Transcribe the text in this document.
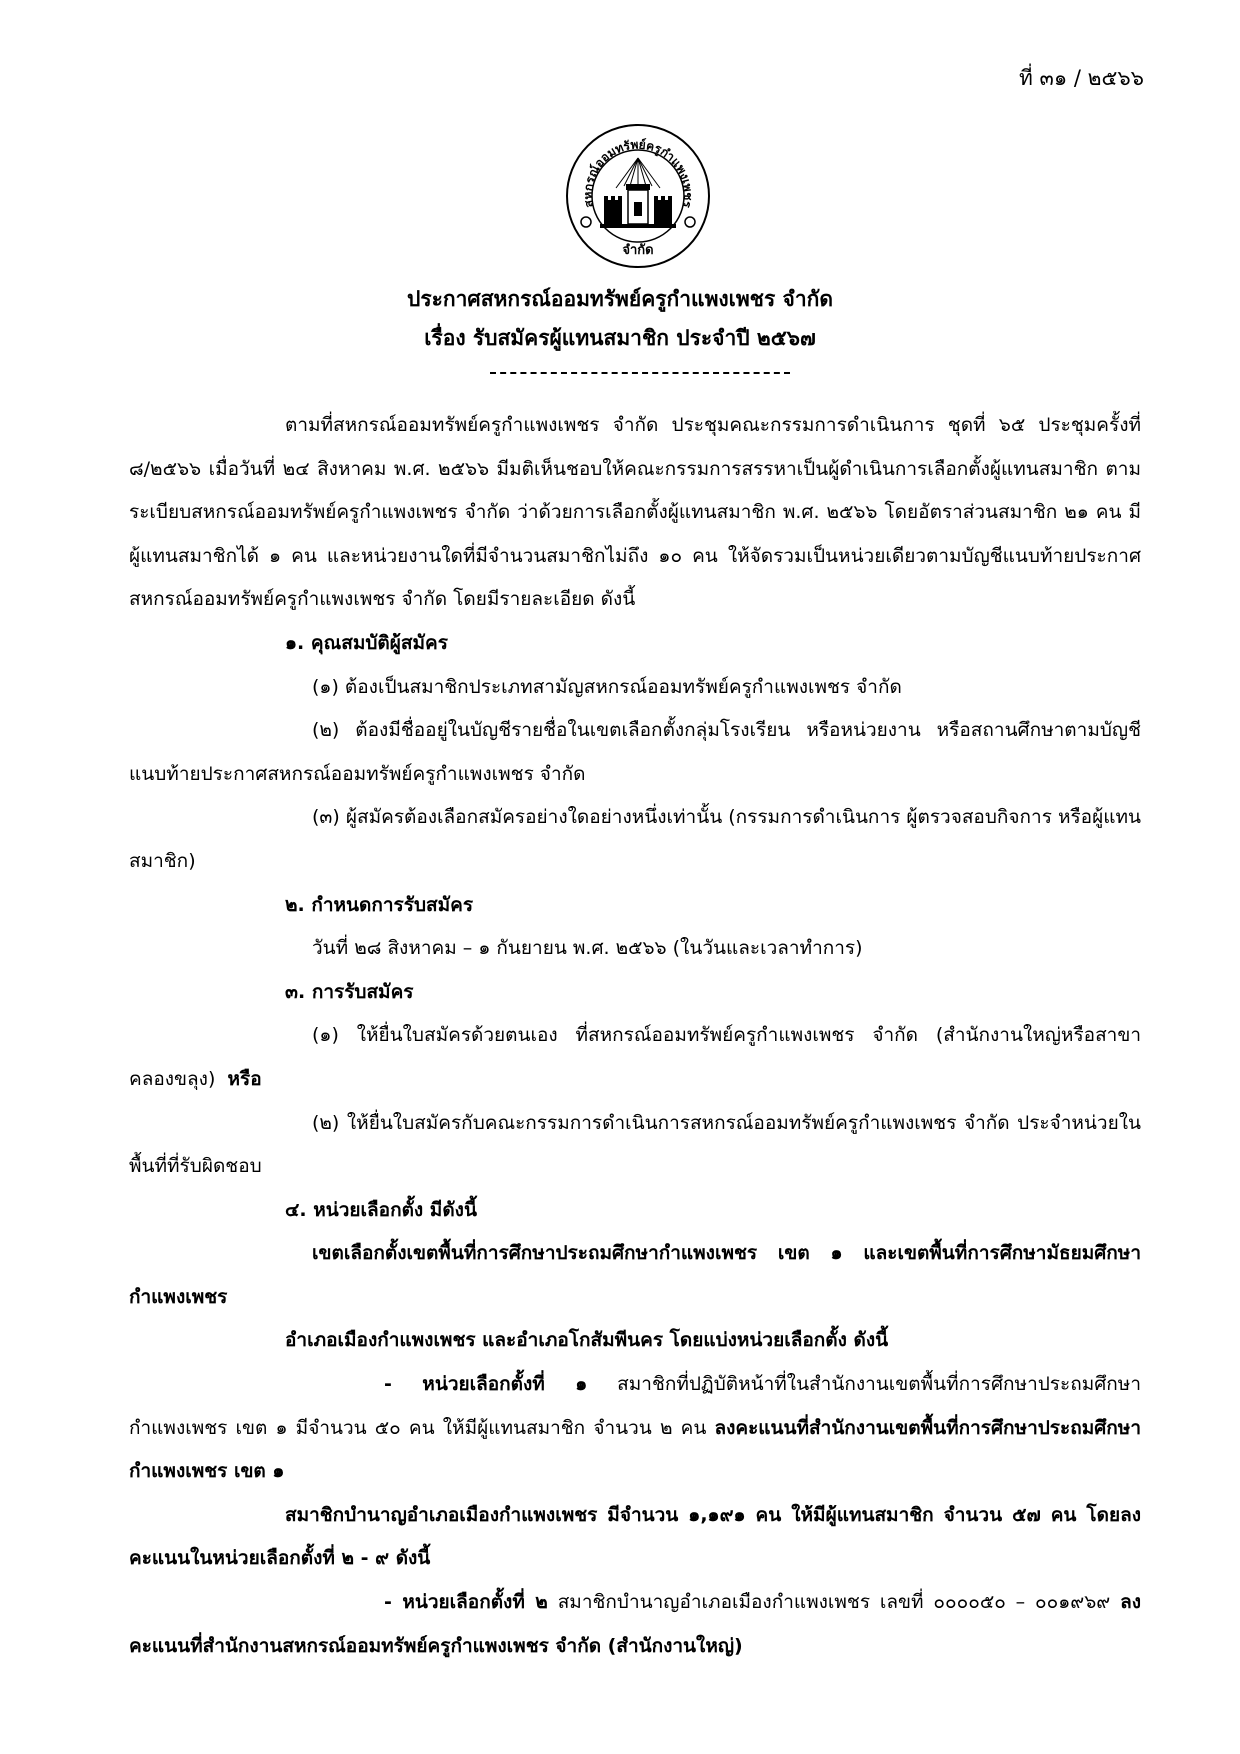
ที่ ๓๑ / ๒๕๖๖
สหกรณ์ออมทรัพย์ครูกำแพงเพชร
จำกัด
ประกาศสหกรณ์ออมทรัพย์ครูกำแพงเพชร จำกัด
เรื่อง รับสมัครผู้แทนสมาชิก ประจำปี ๒๕๖๗

ตามที่สหกรณ์ออมทรัพย์ครูกำแพงเพชร จำกัด ประชุมคณะกรรมการดำเนินการ ชุดที่ ๖๕ ประชุมครั้งที่ ๘/๒๕๖๖ เมื่อวันที่ ๒๔ สิงหาคม พ.ศ. ๒๕๖๖ มีมติเห็นชอบให้คณะกรรมการสรรหาเป็นผู้ดำเนินการเลือกตั้งผู้แทนสมาชิก ตามระเบียบสหกรณ์ออมทรัพย์ครูกำแพงเพชร จำกัด ว่าด้วยการเลือกตั้งผู้แทนสมาชิก พ.ศ. ๒๕๖๖ โดยอัตราส่วนสมาชิก ๒๑ คน มีผู้แทนสมาชิกได้ ๑ คน และหน่วยงานใดที่มีจำนวนสมาชิกไม่ถึง ๑๐ คน ให้จัดรวมเป็นหน่วยเดียวตามบัญชีแนบท้ายประกาศสหกรณ์ออมทรัพย์ครูกำแพงเพชร จำกัด โดยมีรายละเอียด ดังนี้

๑. คุณสมบัติผู้สมัคร

(๑) ต้องเป็นสมาชิกประเภทสามัญสหกรณ์ออมทรัพย์ครูกำแพงเพชร จำกัด

(๒) ต้องมีชื่ออยู่ในบัญชีรายชื่อในเขตเลือกตั้งกลุ่มโรงเรียน หรือหน่วยงาน หรือสถานศึกษาตามบัญชีแนบท้ายประกาศสหกรณ์ออมทรัพย์ครูกำแพงเพชร จำกัด

(๓) ผู้สมัครต้องเลือกสมัครอย่างใดอย่างหนึ่งเท่านั้น (กรรมการดำเนินการ ผู้ตรวจสอบกิจการ หรือผู้แทนสมาชิก)

๒. กำหนดการรับสมัคร

วันที่ ๒๘ สิงหาคม – ๑ กันยายน พ.ศ. ๒๕๖๖ (ในวันและเวลาทำการ)

๓. การรับสมัคร

(๑) ให้ยื่นใบสมัครด้วยตนเอง ที่สหกรณ์ออมทรัพย์ครูกำแพงเพชร จำกัด (สำนักงานใหญ่หรือสาขาคลองขลุง) หรือ

(๒) ให้ยื่นใบสมัครกับคณะกรรมการดำเนินการสหกรณ์ออมทรัพย์ครูกำแพงเพชร จำกัด ประจำหน่วยในพื้นที่ที่รับผิดชอบ

๔. หน่วยเลือกตั้ง มีดังนี้

เขตเลือกตั้งเขตพื้นที่การศึกษาประถมศึกษากำแพงเพชร เขต ๑ และเขตพื้นที่การศึกษามัธยมศึกษากำแพงเพชร

อำเภอเมืองกำแพงเพชร และอำเภอโกสัมพีนคร โดยแบ่งหน่วยเลือกตั้ง ดังนี้

- หน่วยเลือกตั้งที่ ๑ สมาชิกที่ปฏิบัติหน้าที่ในสำนักงานเขตพื้นที่การศึกษาประถมศึกษากำแพงเพชร เขต ๑ มีจำนวน ๕๐ คน ให้มีผู้แทนสมาชิก จำนวน ๒ คน ลงคะแนนที่สำนักงานเขตพื้นที่การศึกษาประถมศึกษากำแพงเพชร เขต ๑

สมาชิกบำนาญอำเภอเมืองกำแพงเพชร มีจำนวน ๑,๑๙๑ คน ให้มีผู้แทนสมาชิก จำนวน ๕๗ คน โดยลงคะแนนในหน่วยเลือกตั้งที่ ๒ - ๙ ดังนี้

- หน่วยเลือกตั้งที่ ๒ สมาชิกบำนาญอำเภอเมืองกำแพงเพชร เลขที่ ๐๐๐๐๕๐ – ๐๐๑๙๖๙ ลงคะแนนที่สำนักงานสหกรณ์ออมทรัพย์ครูกำแพงเพชร จำกัด (สำนักงานใหญ่)
